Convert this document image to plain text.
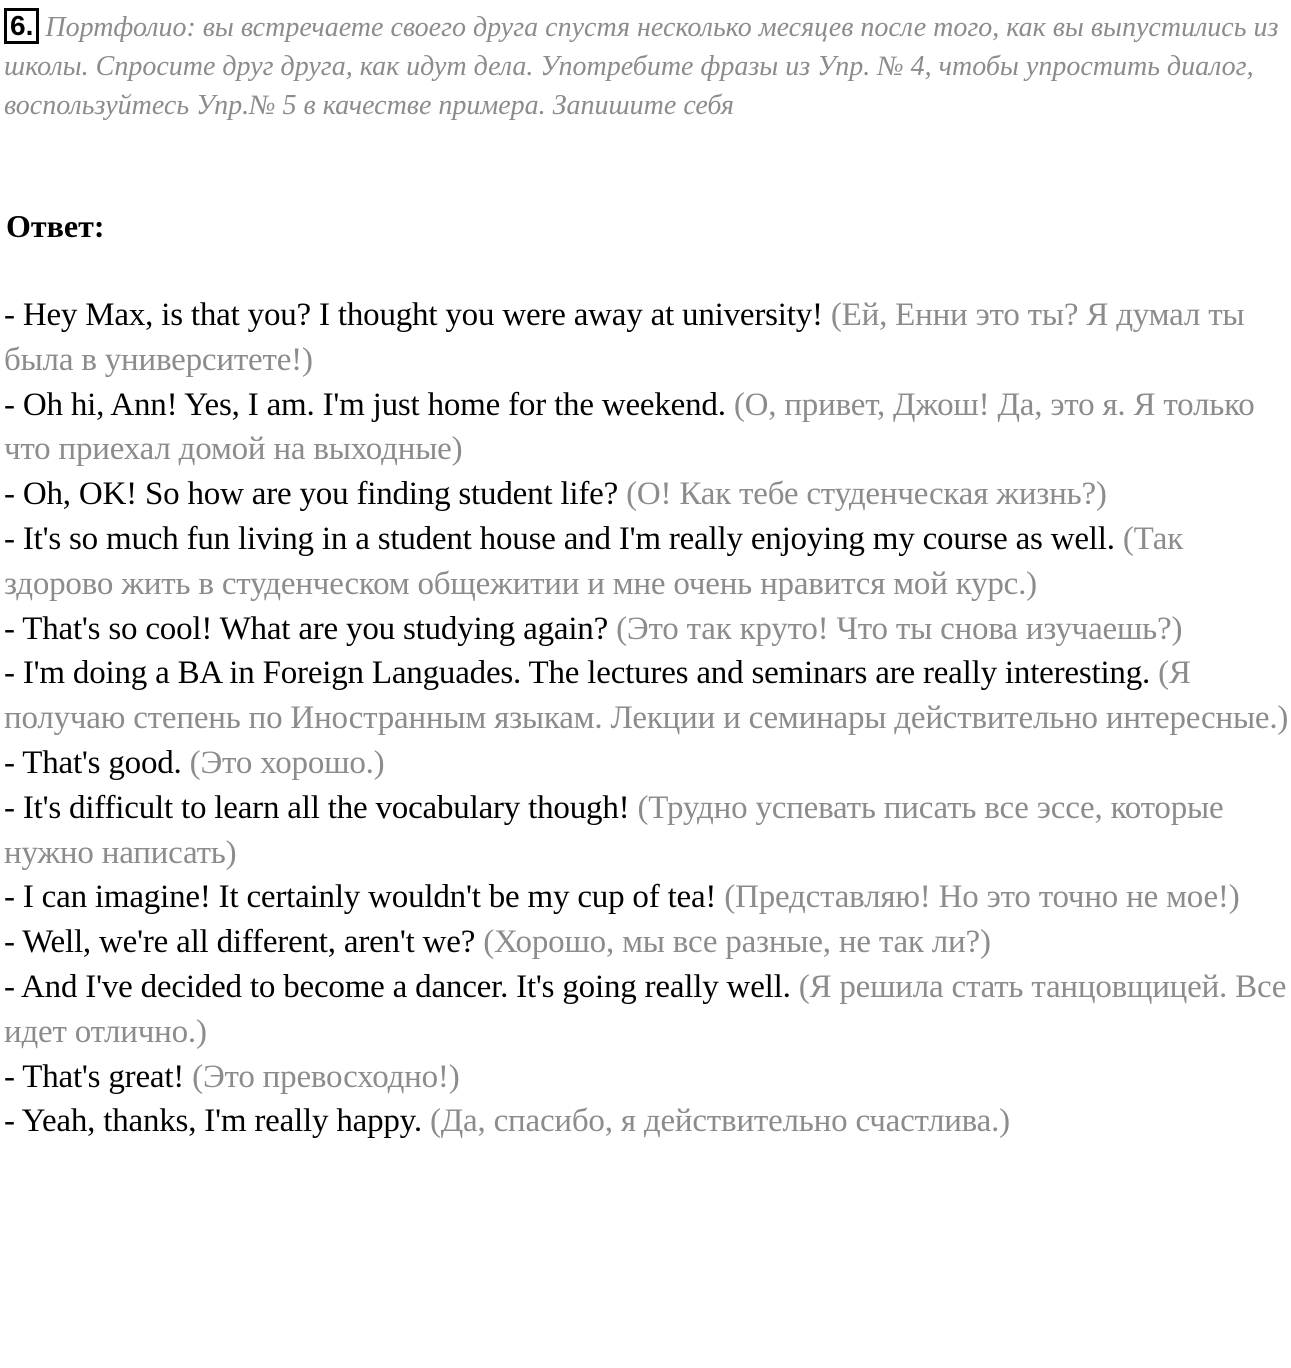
6. Портфолио: вы встречаете своего друга спустя несколько месяцев после того, как вы выпустились из школы. Спросите друг друга, как идут дела. Употребите фразы из Упр. № 4, чтобы упростить диалог, воспользуйтесь Упр.№ 5 в качестве примера. Запишите себя
Ответ:

- Hey Max, is that you? I thought you were away at university! (Ей, Енни это ты? Я думал ты была в университете!)

- Oh hi, Ann! Yes, I am. I'm just home for the weekend. (О, привет, Джош! Да, это я. Я только что приехал домой на выходные)

- Oh, OK! So how are you finding student life? (О! Как тебе студенческая жизнь?)

- It's so much fun living in a student house and I'm really enjoying my course as well. (Так здорово жить в студенческом общежитии и мне очень нравится мой курс.)

- That's so cool! What are you studying again? (Это так круто! Что ты снова изучаешь?)

- I'm doing a BA in Foreign Languades. The lectures and seminars are really interesting. (Я получаю степень по Иностранным языкам. Лекции и семинары действительно интересные.)

- That's good. (Это хорошо.)

- It's difficult to learn all the vocabulary though! (Трудно успевать писать все эссе, которые нужно написать)

- I can imagine! It certainly wouldn't be my cup of tea! (Представляю! Но это точно не мое!)

- Well, we're all different, aren't we? (Хорошо, мы все разные, не так ли?)

- And I've decided to become a dancer. It's going really well. (Я решила стать танцовщицей. Все идет отлично.)

- That's great! (Это превосходно!)

- Yeah, thanks, I'm really happy. (Да, спасибо, я действительно счастлива.)
